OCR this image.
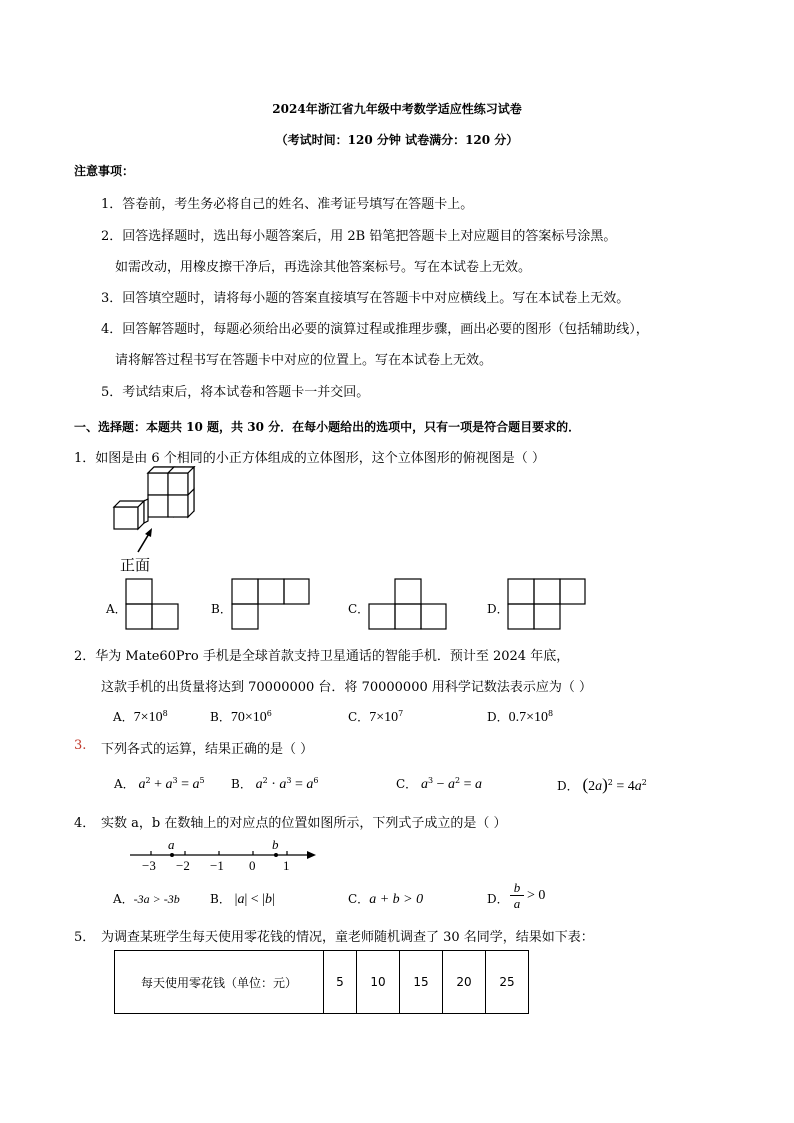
2024年浙江省九年级中考数学适应性练习试卷
（考试时间：120 分钟 试卷满分：120 分）
注意事项：
1．答卷前，考生务必将自己的姓名、准考证号填写在答题卡上。
2．回答选择题时，选出每小题答案后，用 2B 铅笔把答题卡上对应题目的答案标号涂黑。
如需改动，用橡皮擦干净后，再选涂其他答案标号。写在本试卷上无效。
3．回答填空题时，请将每小题的答案直接填写在答题卡中对应横线上。写在本试卷上无效。
4．回答解答题时，每题必须给出必要的演算过程或推理步骤，画出必要的图形（包括辅助线），
请将解答过程书写在答题卡中对应的位置上。写在本试卷上无效。
5．考试结束后，将本试卷和答题卡一并交回。
一、选择题：本题共 10 题，共 30 分．在每小题给出的选项中，只有一项是符合题目要求的．
1．如图是由 6 个相同的小正方体组成的立体图形，这个立体图形的俯视图是（ ）
正面
A．	B．	C．	D．
2．华为 Mate60Pro 手机是全球首款支持卫星通话的智能手机．预计至 2024 年底，
这款手机的出货量将达到 70000000 台．将 70000000 用科学记数法表示应为（ ）
A．$7\times 10^8$	B．$70\times 10^6$	C．$7\times 10^7$	D．$0.7\times 10^8$
3. 下列各式的运算，结果正确的是（ ）
A． $a^2 + a^3 = a^5$ B． $a^2 \cdot a^3 = a^6$	C． $a^3 - a^2 = a$	D． $(2a)^2 = 4a^2$
4． 实数 a，b 在数轴上的对应点的位置如图所示，下列式子成立的是（ ）
a	b
−3 −2 −1 0 1
A．-3a > -3b	B． |a| < |b|	C．a + b > 0	D．
b
a
> 0
5． 为调查某班学生每天使用零花钱的情况，童老师随机调查了 30 名同学，结果如下表：
每天使用零花钱（单位：元）	5	10	15	20	25
